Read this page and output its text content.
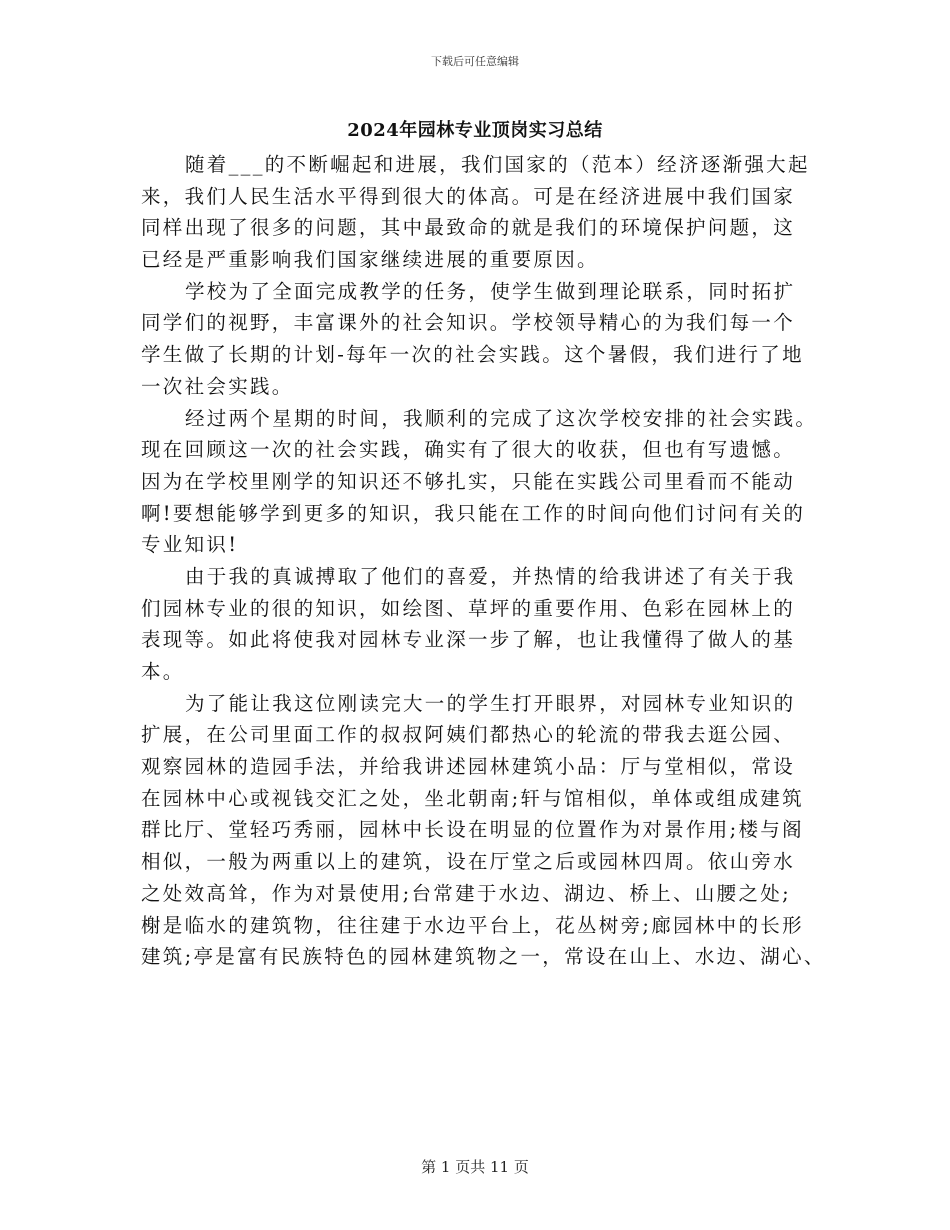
下载后可任意编辑
2024年园林专业顶岗实习总结
随着___的不断崛起和进展，我们国家的（范本）经济逐渐强大起
来，我们人民生活水平得到很大的体高。可是在经济进展中我们国家
同样出现了很多的问题，其中最致命的就是我们的环境保护问题，这
已经是严重影响我们国家继续进展的重要原因。
学校为了全面完成教学的任务，使学生做到理论联系，同时拓扩
同学们的视野，丰富课外的社会知识。学校领导精心的为我们每一个
学生做了长期的计划-每年一次的社会实践。这个暑假，我们进行了地
一次社会实践。
经过两个星期的时间，我顺利的完成了这次学校安排的社会实践。
现在回顾这一次的社会实践，确实有了很大的收获，但也有写遗憾。
因为在学校里刚学的知识还不够扎实，只能在实践公司里看而不能动
啊!要想能够学到更多的知识，我只能在工作的时间向他们讨问有关的
专业知识!
由于我的真诚搏取了他们的喜爱，并热情的给我讲述了有关于我
们园林专业的很的知识，如绘图、草坪的重要作用、色彩在园林上的
表现等。如此将使我对园林专业深一步了解，也让我懂得了做人的基
本。
为了能让我这位刚读完大一的学生打开眼界，对园林专业知识的
扩展，在公司里面工作的叔叔阿姨们都热心的轮流的带我去逛公园、
观察园林的造园手法，并给我讲述园林建筑小品：厅与堂相似，常设
在园林中心或视钱交汇之处，坐北朝南;轩与馆相似，单体或组成建筑
群比厅、堂轻巧秀丽，园林中长设在明显的位置作为对景作用;楼与阁
相似，一般为两重以上的建筑，设在厅堂之后或园林四周。依山旁水
之处效高耸，作为对景使用;台常建于水边、湖边、桥上、山腰之处;
榭是临水的建筑物，往往建于水边平台上，花丛树旁;廊园林中的长形
建筑;亭是富有民族特色的园林建筑物之一，常设在山上、水边、湖心、
第 1 页共 11 页
